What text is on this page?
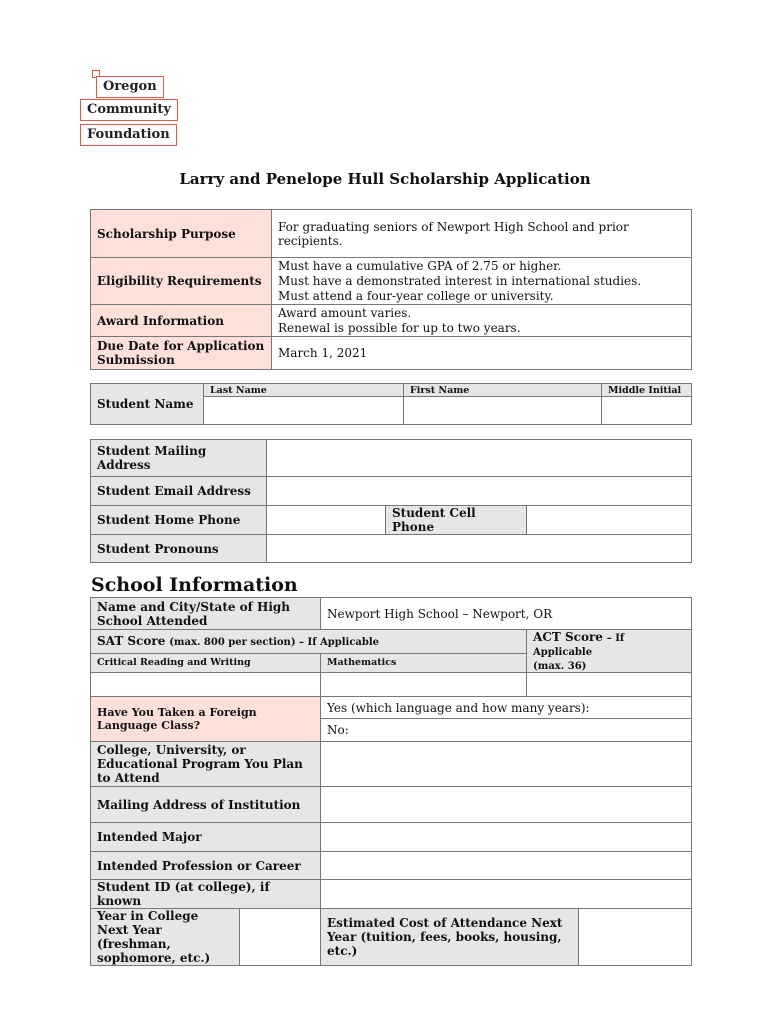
Oregon
Community
Foundation
Larry and Penelope Hull Scholarship Application
Scholarship Purpose	For graduating seniors of Newport High School and prior recipients.
Eligibility Requirements	Must have a cumulative GPA of 2.75 or higher.
Must have a demonstrated interest in international studies.
Must attend a four-year college or university.

Award Information	Award amount varies.
Renewal is possible for up to two years.

Due Date for Application Submission	March 1, 2021
Student Name	Last Name	First Name	Middle Initial

Student Mailing Address			
Student Email Address			
Student Home Phone		Student Cell Phone	
Student Pronouns			
School Information
Name and City/State of High School Attended		Newport High School – Newport, OR		
SAT Score (max. 800 per section) – If Applicable			ACT Score – If Applicable
(max. 36)	
Critical Reading and Writing		Mathematics		

Have You Taken a Foreign Language Class?		Yes (which language and how many years):		
		No:		
College, University, or Educational Program You Plan to Attend				
Mailing Address of Institution				
Intended Major				
Intended Profession or Career				
Student ID (at college), if known				
Year in College Next Year (freshman, sophomore, etc.)		Estimated Cost of Attendance Next Year (tuition, fees, books, housing, etc.)		
